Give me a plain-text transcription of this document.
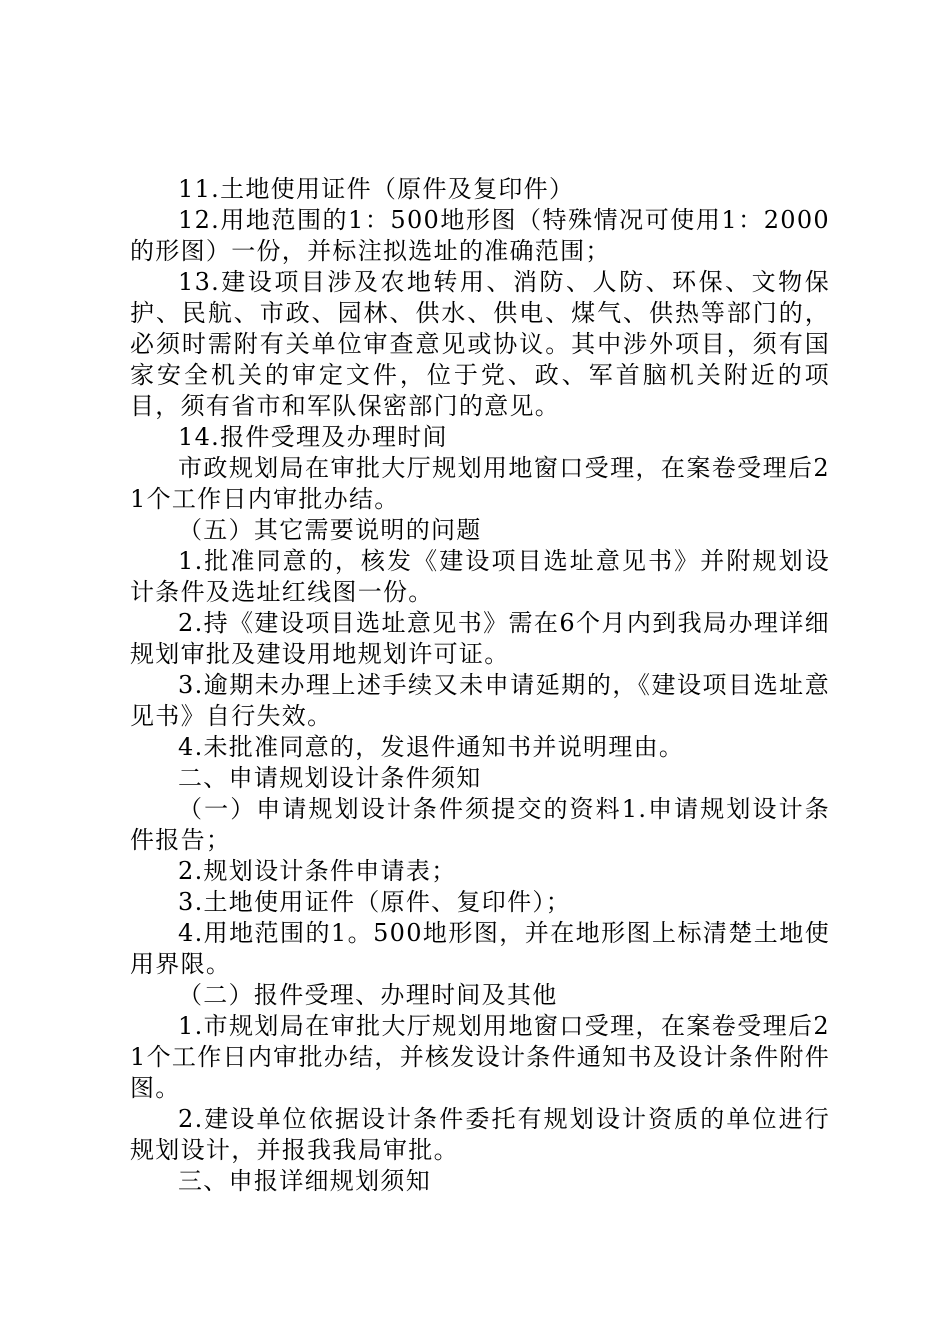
11.土地使用证件（原件及复印件）

12.用地范围的1：500地形图（特殊情况可使用1：2000的形图）一份，并标注拟选址的准确范围；

13.建设项目涉及农地转用、消防、人防、环保、文物保护、民航、市政、园林、供水、供电、煤气、供热等部门的，必须时需附有关单位审查意见或协议。其中涉外项目，须有国家安全机关的审定文件，位于党、政、军首脑机关附近的项目，须有省市和军队保密部门的意见。

14.报件受理及办理时间

市政规划局在审批大厅规划用地窗口受理，在案卷受理后21个工作日内审批办结。

（五）其它需要说明的问题

1.批准同意的，核发《建设项目选址意见书》并附规划设计条件及选址红线图一份。

2.持《建设项目选址意见书》需在6个月内到我局办理详细规划审批及建设用地规划许可证。

3.逾期未办理上述手续又未申请延期的，《建设项目选址意见书》自行失效。

4.未批准同意的，发退件通知书并说明理由。

二、申请规划设计条件须知

（一）申请规划设计条件须提交的资料1.申请规划设计条件报告；

2.规划设计条件申请表；

3.土地使用证件（原件、复印件）；

4.用地范围的1。500地形图，并在地形图上标清楚土地使用界限。

（二）报件受理、办理时间及其他

1.市规划局在审批大厅规划用地窗口受理，在案卷受理后21个工作日内审批办结，并核发设计条件通知书及设计条件附件图。

2.建设单位依据设计条件委托有规划设计资质的单位进行规划设计，并报我我局审批。

三、申报详细规划须知
